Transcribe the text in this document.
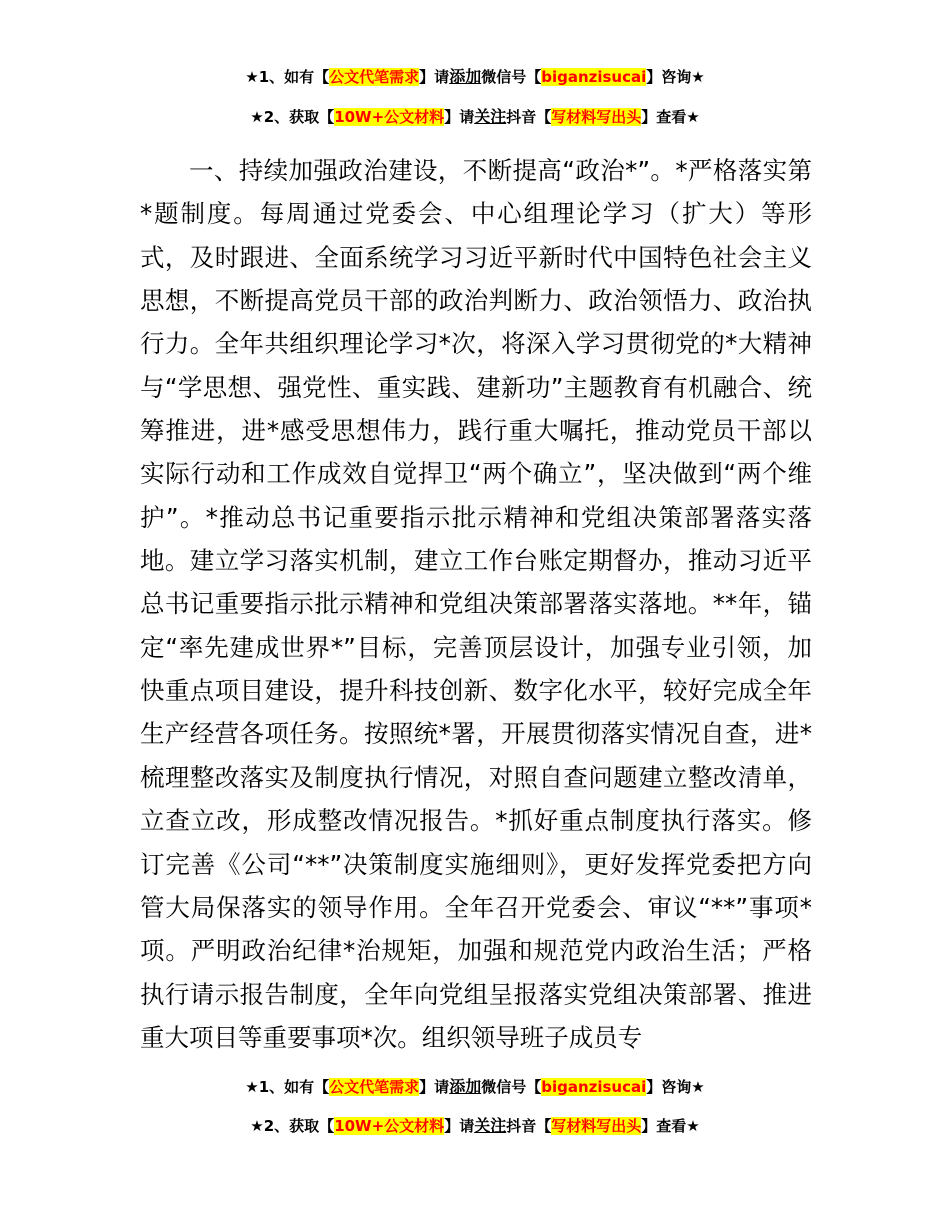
★1、如有【公文代笔需求】请添加微信号【biganzisucai】咨询★
★2、获取【10W+公文材料】请关注抖音【写材料写出头】查看★

一、持续加强政治建设，不断提高“政治*”。*严格落实第*题制度。每周通过党委会、中心组理论学习（扩大）等形式，及时跟进、全面系统学习习近平新时代中国特色社会主义思想，不断提高党员干部的政治判断力、政治领悟力、政治执行力。全年共组织理论学习*次，将深入学习贯彻党的*大精神与“学思想、强党性、重实践、建新功”主题教育有机融合、统筹推进，进*感受思想伟力，践行重大嘱托，推动党员干部以实际行动和工作成效自觉捍卫“两个确立”，坚决做到“两个维护”。*推动总书记重要指示批示精神和党组决策部署落实落地。建立学习落实机制，建立工作台账定期督办，推动习近平总书记重要指示批示精神和党组决策部署落实落地。**年，锚定“率先建成世界*”目标，完善顶层设计，加强专业引领，加快重点项目建设，提升科技创新、数字化水平，较好完成全年生产经营各项任务。按照统*署，开展贯彻落实情况自查，进*梳理整改落实及制度执行情况，对照自查问题建立整改清单，立查立改，形成整改情况报告。*抓好重点制度执行落实。修订完善《公司“**”决策制度实施细则》，更好发挥党委把方向管大局保落实的领导作用。全年召开党委会、审议“**”事项*项。严明政治纪律*治规矩，加强和规范党内政治生活；严格执行请示报告制度，全年向党组呈报落实党组决策部署、推进重大项目等重要事项*次。组织领导班子成员专

★1、如有【公文代笔需求】请添加微信号【biganzisucai】咨询★
★2、获取【10W+公文材料】请关注抖音【写材料写出头】查看★
